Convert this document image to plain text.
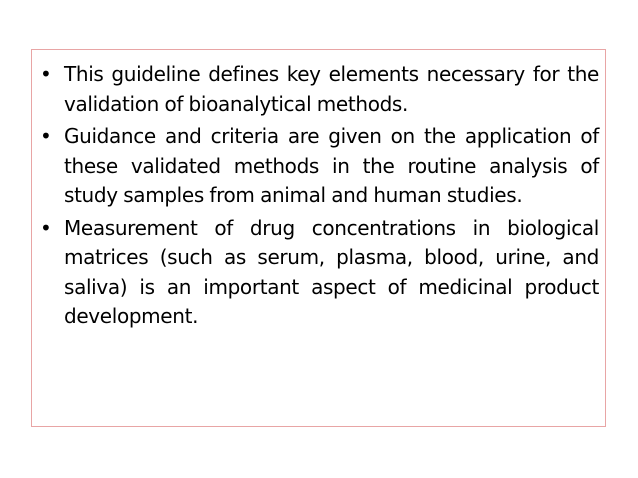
• This guideline defines key elements necessary for the validation of bioanalytical methods.
• Guidance and criteria are given on the application of these validated methods in the routine analysis of study samples from animal and human studies.
• Measurement of drug concentrations in biological matrices (such as serum, plasma, blood, urine, and saliva) is an important aspect of medicinal product development.
